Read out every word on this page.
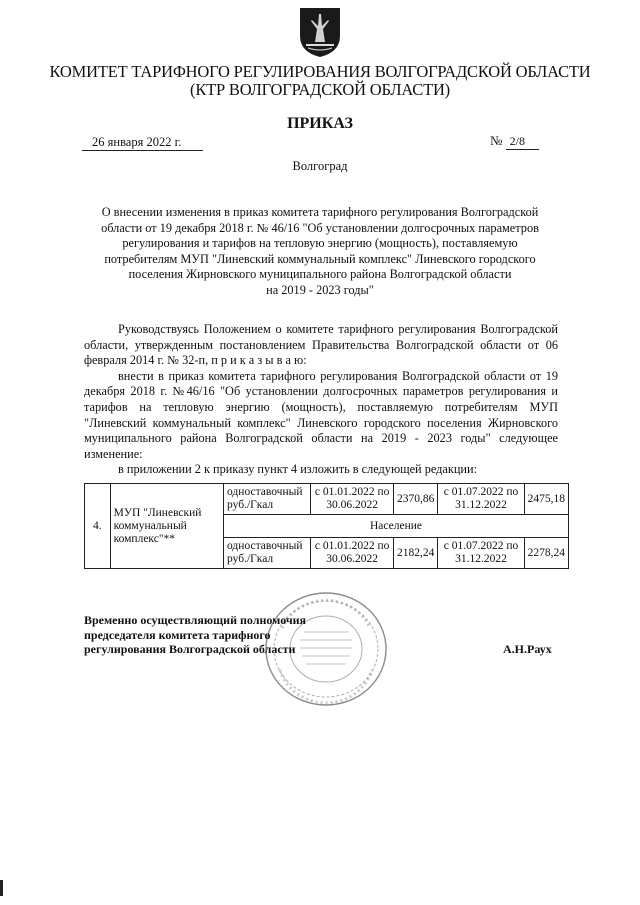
КОМИТЕТ ТАРИФНОГО РЕГУЛИРОВАНИЯ ВОЛГОГРАДСКОЙ ОБЛАСТИ
(КТР ВОЛГОГРАДСКОЙ ОБЛАСТИ)
ПРИКАЗ
26 января 2022 г.	№ 2/8
Волгоград
О внесении изменения в приказ комитета тарифного регулирования Волгоградской
области от 19 декабря 2018 г. № 46/16 "Об установлении долгосрочных параметров
регулирования и тарифов на тепловую энергию (мощность), поставляемую
потребителям МУП "Линевский коммунальный комплекс" Линевского городского
поселения Жирновского муниципального района Волгоградской области
на 2019 - 2023 годы"

Руководствуясь Положением о комитете тарифного регулирования Волгоградской области, утвержденным постановлением Правительства Волгоградской области от 06 февраля 2014 г. № 32-п, п р и к а з ы в а ю:

внести в приказ комитета тарифного регулирования Волгоградской области от 19 декабря 2018 г. №46/16 "Об установлении долгосрочных параметров регулирования и тарифов на тепловую энергию (мощность), поставляемую потребителям МУП "Линевский коммунальный комплекс" Линевского городского поселения Жирновского муниципального района Волгоградской области на 2019 - 2023 годы" следующее изменение:

в приложении 2 к приказу пункт 4 изложить в следующей редакции:

4.	МУП "Линевский коммунальный комплекс"**	одноставочный руб./Гкал	с 01.01.2022 по 30.06.2022	2370,86	с 01.07.2022 по 31.12.2022	2475,18
		Население				
		одноставочный руб./Гкал	с 01.01.2022 по 30.06.2022	2182,24	с 01.07.2022 по 31.12.2022	2278,24
Временно осуществляющий полномочия
председателя комитета тарифного
регулирования Волгоградской области	А.Н.Раух
